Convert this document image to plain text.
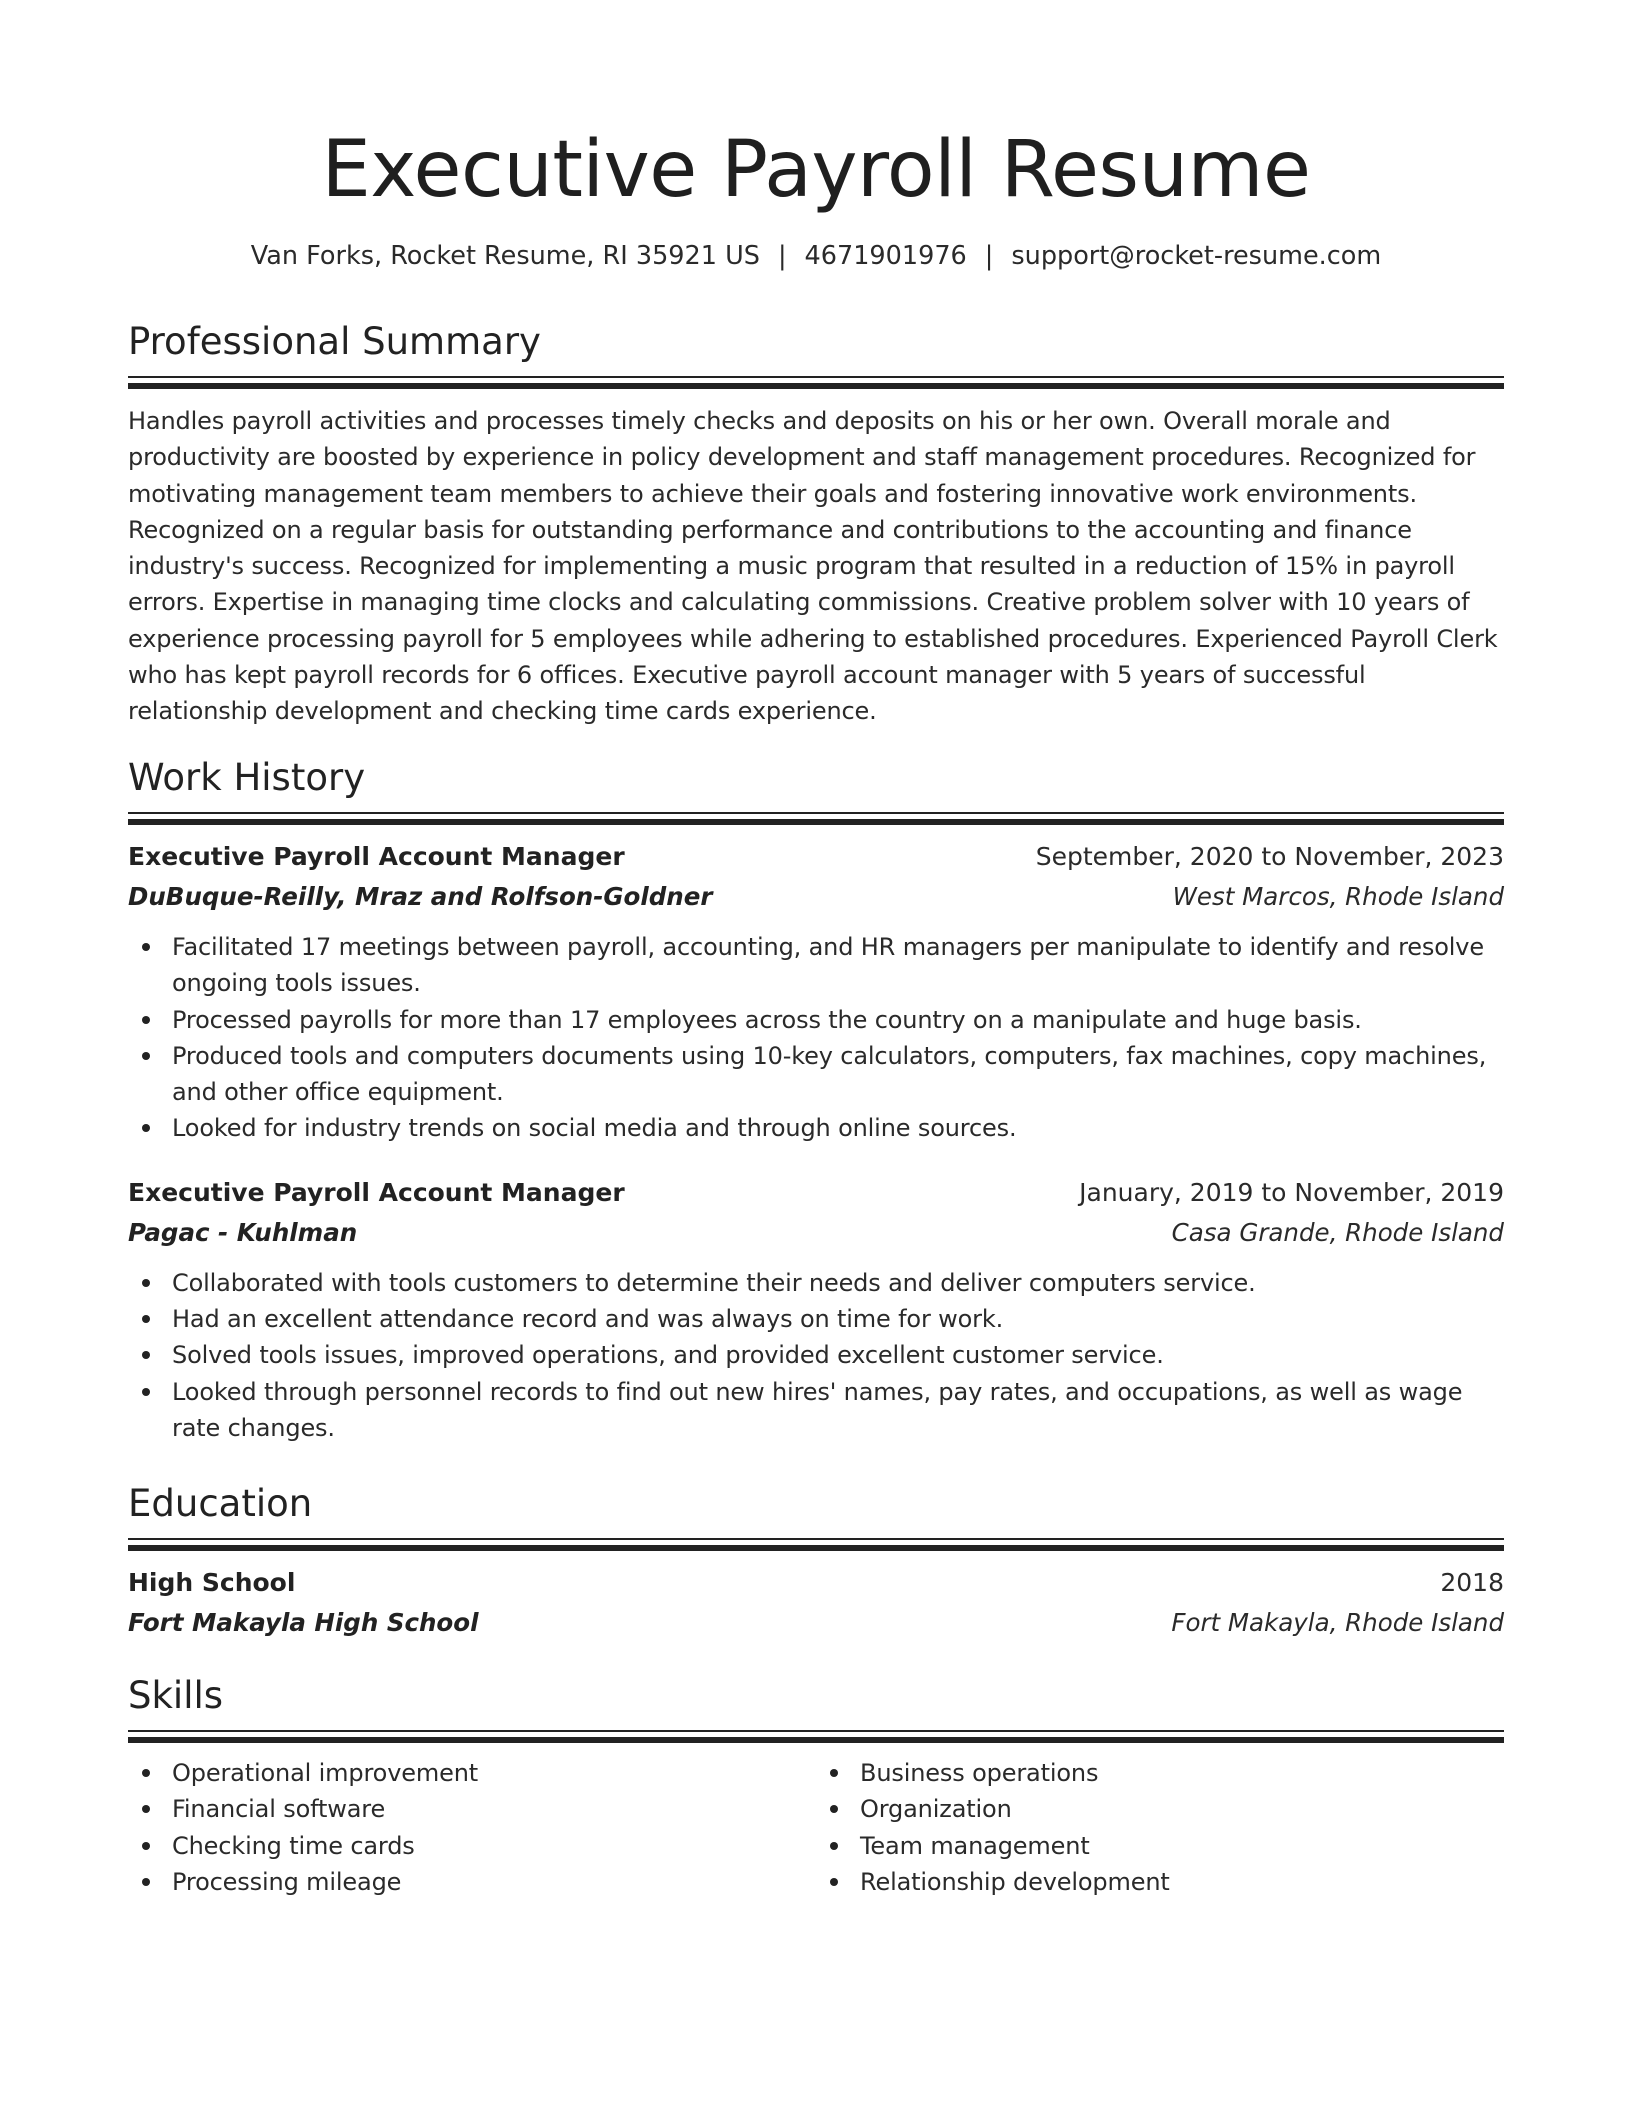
Executive Payroll Resume
Van Forks, Rocket Resume, RI 35921 US | 4671901976 | support@rocket-resume.com
Professional Summary

Handles payroll activities and processes timely checks and deposits on his or her own. Overall morale and productivity are boosted by experience in policy development and staff management procedures. Recognized for motivating management team members to achieve their goals and fostering innovative work environments. Recognized on a regular basis for outstanding performance and contributions to the accounting and finance industry's success. Recognized for implementing a music program that resulted in a reduction of 15% in payroll errors. Expertise in managing time clocks and calculating commissions. Creative problem solver with 10 years of experience processing payroll for 5 employees while adhering to established procedures. Experienced Payroll Clerk who has kept payroll records for 6 offices. Executive payroll account manager with 5 years of successful relationship development and checking time cards experience.

Work History
Executive Payroll Account Manager	September, 2020 to November, 2023
DuBuque-Reilly, Mraz and Rolfson-Goldner	West Marcos, Rhode Island
Facilitated 17 meetings between payroll, accounting, and HR managers per manipulate to identify and resolve ongoing tools issues.
Processed payrolls for more than 17 employees across the country on a manipulate and huge basis.
Produced tools and computers documents using 10-key calculators, computers, fax machines, copy machines, and other office equipment.
Looked for industry trends on social media and through online sources.
Executive Payroll Account Manager	January, 2019 to November, 2019
Pagac - Kuhlman	Casa Grande, Rhode Island
Collaborated with tools customers to determine their needs and deliver computers service.
Had an excellent attendance record and was always on time for work.
Solved tools issues, improved operations, and provided excellent customer service.
Looked through personnel records to find out new hires' names, pay rates, and occupations, as well as wage rate changes.
Education
High School	2018
Fort Makayla High School	Fort Makayla, Rhode Island
Skills
Operational improvement
Financial software
Checking time cards
Processing mileage
Business operations
Organization
Team management
Relationship development
